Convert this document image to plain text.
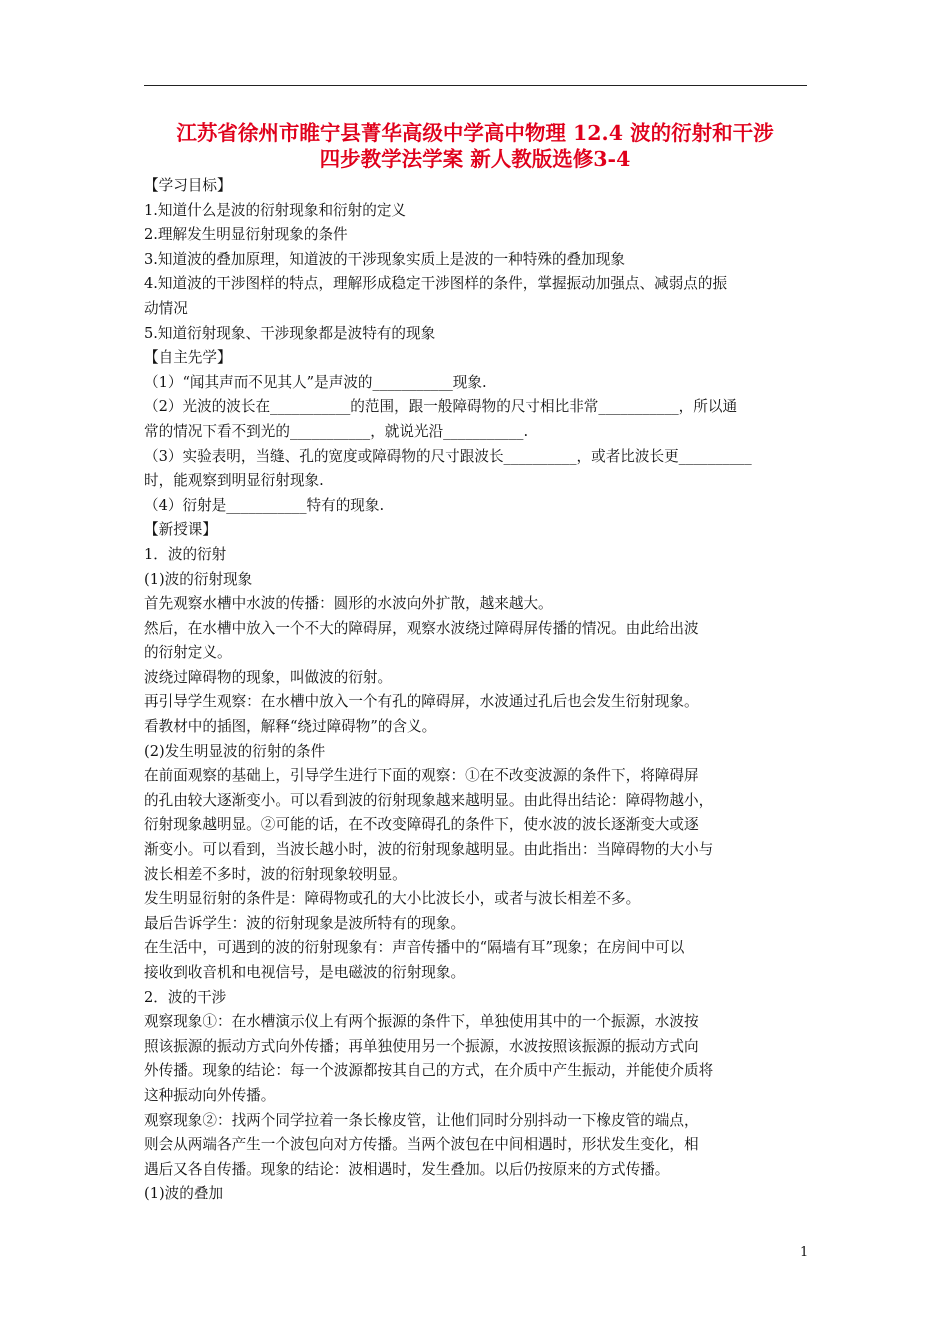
江苏省徐州市睢宁县菁华高级中学高中物理 12.4 波的衍射和干涉
四步教学法学案 新人教版选修3-4
【学习目标】
1.知道什么是波的衍射现象和衍射的定义
2.理解发生明显衍射现象的条件
3.知道波的叠加原理，知道波的干涉现象实质上是波的一种特殊的叠加现象
4.知道波的干涉图样的特点，理解形成稳定干涉图样的条件，掌握振动加强点、减弱点的振
动情况
5.知道衍射现象、干涉现象都是波特有的现象
【自主先学】
（1）“闻其声而不见其人”是声波的___________现象.
（2）光波的波长在___________的范围，跟一般障碍物的尺寸相比非常___________，所以通
常的情况下看不到光的___________，就说光沿___________.
（3）实验表明，当缝、孔的宽度或障碍物的尺寸跟波长__________，或者比波长更__________
时，能观察到明显衍射现象.
（4）衍射是___________特有的现象.
【新授课】
1．波的衍射
(1)波的衍射现象
首先观察水槽中水波的传播：圆形的水波向外扩散，越来越大。
然后，在水槽中放入一个不大的障碍屏，观察水波绕过障碍屏传播的情况。由此给出波
的衍射定义。
波绕过障碍物的现象，叫做波的衍射。
再引导学生观察：在水槽中放入一个有孔的障碍屏，水波通过孔后也会发生衍射现象。
看教材中的插图，解释“绕过障碍物”的含义。
(2)发生明显波的衍射的条件
在前面观察的基础上，引导学生进行下面的观察：①在不改变波源的条件下，将障碍屏
的孔由较大逐渐变小。可以看到波的衍射现象越来越明显。由此得出结论：障碍物越小，
衍射现象越明显。②可能的话，在不改变障碍孔的条件下，使水波的波长逐渐变大或逐
渐变小。可以看到，当波长越小时，波的衍射现象越明显。由此指出：当障碍物的大小与
波长相差不多时，波的衍射现象较明显。
发生明显衍射的条件是：障碍物或孔的大小比波长小，或者与波长相差不多。
最后告诉学生：波的衍射现象是波所特有的现象。
在生活中，可遇到的波的衍射现象有：声音传播中的“隔墙有耳”现象；在房间中可以
接收到收音机和电视信号，是电磁波的衍射现象。
2．波的干涉
观察现象①：在水槽演示仪上有两个振源的条件下，单独使用其中的一个振源，水波按
照该振源的振动方式向外传播；再单独使用另一个振源，水波按照该振源的振动方式向
外传播。现象的结论：每一个波源都按其自己的方式，在介质中产生振动，并能使介质将
这种振动向外传播。
观察现象②：找两个同学拉着一条长橡皮管，让他们同时分别抖动一下橡皮管的端点，
则会从两端各产生一个波包向对方传播。当两个波包在中间相遇时，形状发生变化，相
遇后又各自传播。现象的结论：波相遇时，发生叠加。以后仍按原来的方式传播。
(1)波的叠加
1
